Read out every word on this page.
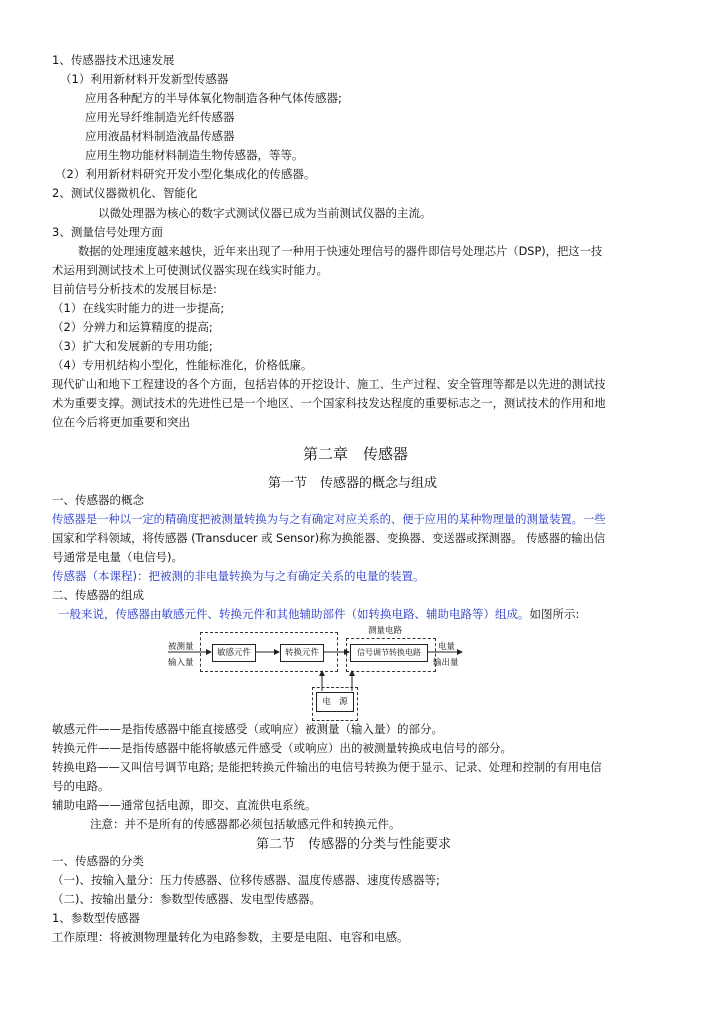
1、传感器技术迅速发展
（1）利用新材料开发新型传感器
应用各种配方的半导体氧化物制造各种气体传感器;
应用光导纤维制造光纤传感器
应用液晶材料制造液晶传感器
应用生物功能材料制造生物传感器，等等。
（2）利用新材料研究开发小型化集成化的传感器。
2、测试仪器微机化、智能化
以微处理器为核心的数字式测试仪器已成为当前测试仪器的主流。
3、测量信号处理方面
数据的处理速度越来越快，近年来出现了一种用于快速处理信号的器件即信号处理芯片（DSP)，把这一技
术运用到测试技术上可使测试仪器实现在线实时能力。
目前信号分析技术的发展目标是:
（1）在线实时能力的进一步提高;
（2）分辨力和运算精度的提高;
（3）扩大和发展新的专用功能;
（4）专用机结构小型化，性能标准化，价格低廉。
现代矿山和地下工程建设的各个方面，包括岩体的开挖设计、施工、生产过程、安全管理等都是以先进的测试技
术为重要支撑。测试技术的先进性已是一个地区、一个国家科技发达程度的重要标志之一，测试技术的作用和地
位在今后将更加重要和突出
第二章　传感器
第一节　传感器的概念与组成
一、传感器的概念
传感器是一种以一定的精确度把被测量转换为与之有确定对应关系的、便于应用的某种物理量的测量装置。一些
国家和学科领域，将传感器 (Transducer 或 Sensor)称为换能器、变换器、变送器或探测器。 传感器的输出信
号通常是电量（电信号)。
传感器（本课程)：把被测的非电量转换为与之有确定关系的电量的装置。
二、传感器的组成
一般来说，传感器由敏感元件、转换元件和其他辅助部件（如转换电路、辅助电路等）组成。如图所示:
测量电路
被测量
输入量
电量
输出量
敏感元件	转换元件	信号调节转换电路
电　源
敏感元件——是指传感器中能直接感受（或响应）被测量（输入量）的部分。
转换元件——是指传感器中能将敏感元件感受（或响应）出的被测量转换成电信号的部分。
转换电路——又叫信号调节电路; 是能把转换元件输出的电信号转换为便于显示、记录、处理和控制的有用电信
号的电路。
辅助电路——通常包括电源，即交、直流供电系统。
注意：并不是所有的传感器都必须包括敏感元件和转换元件。
第二节　传感器的分类与性能要求
一、传感器的分类
（一)、按输入量分：压力传感器、位移传感器、温度传感器、速度传感器等;
（二)、按输出量分：参数型传感器、发电型传感器。
1、参数型传感器
工作原理：将被测物理量转化为电路参数，主要是电阻、电容和电感。
